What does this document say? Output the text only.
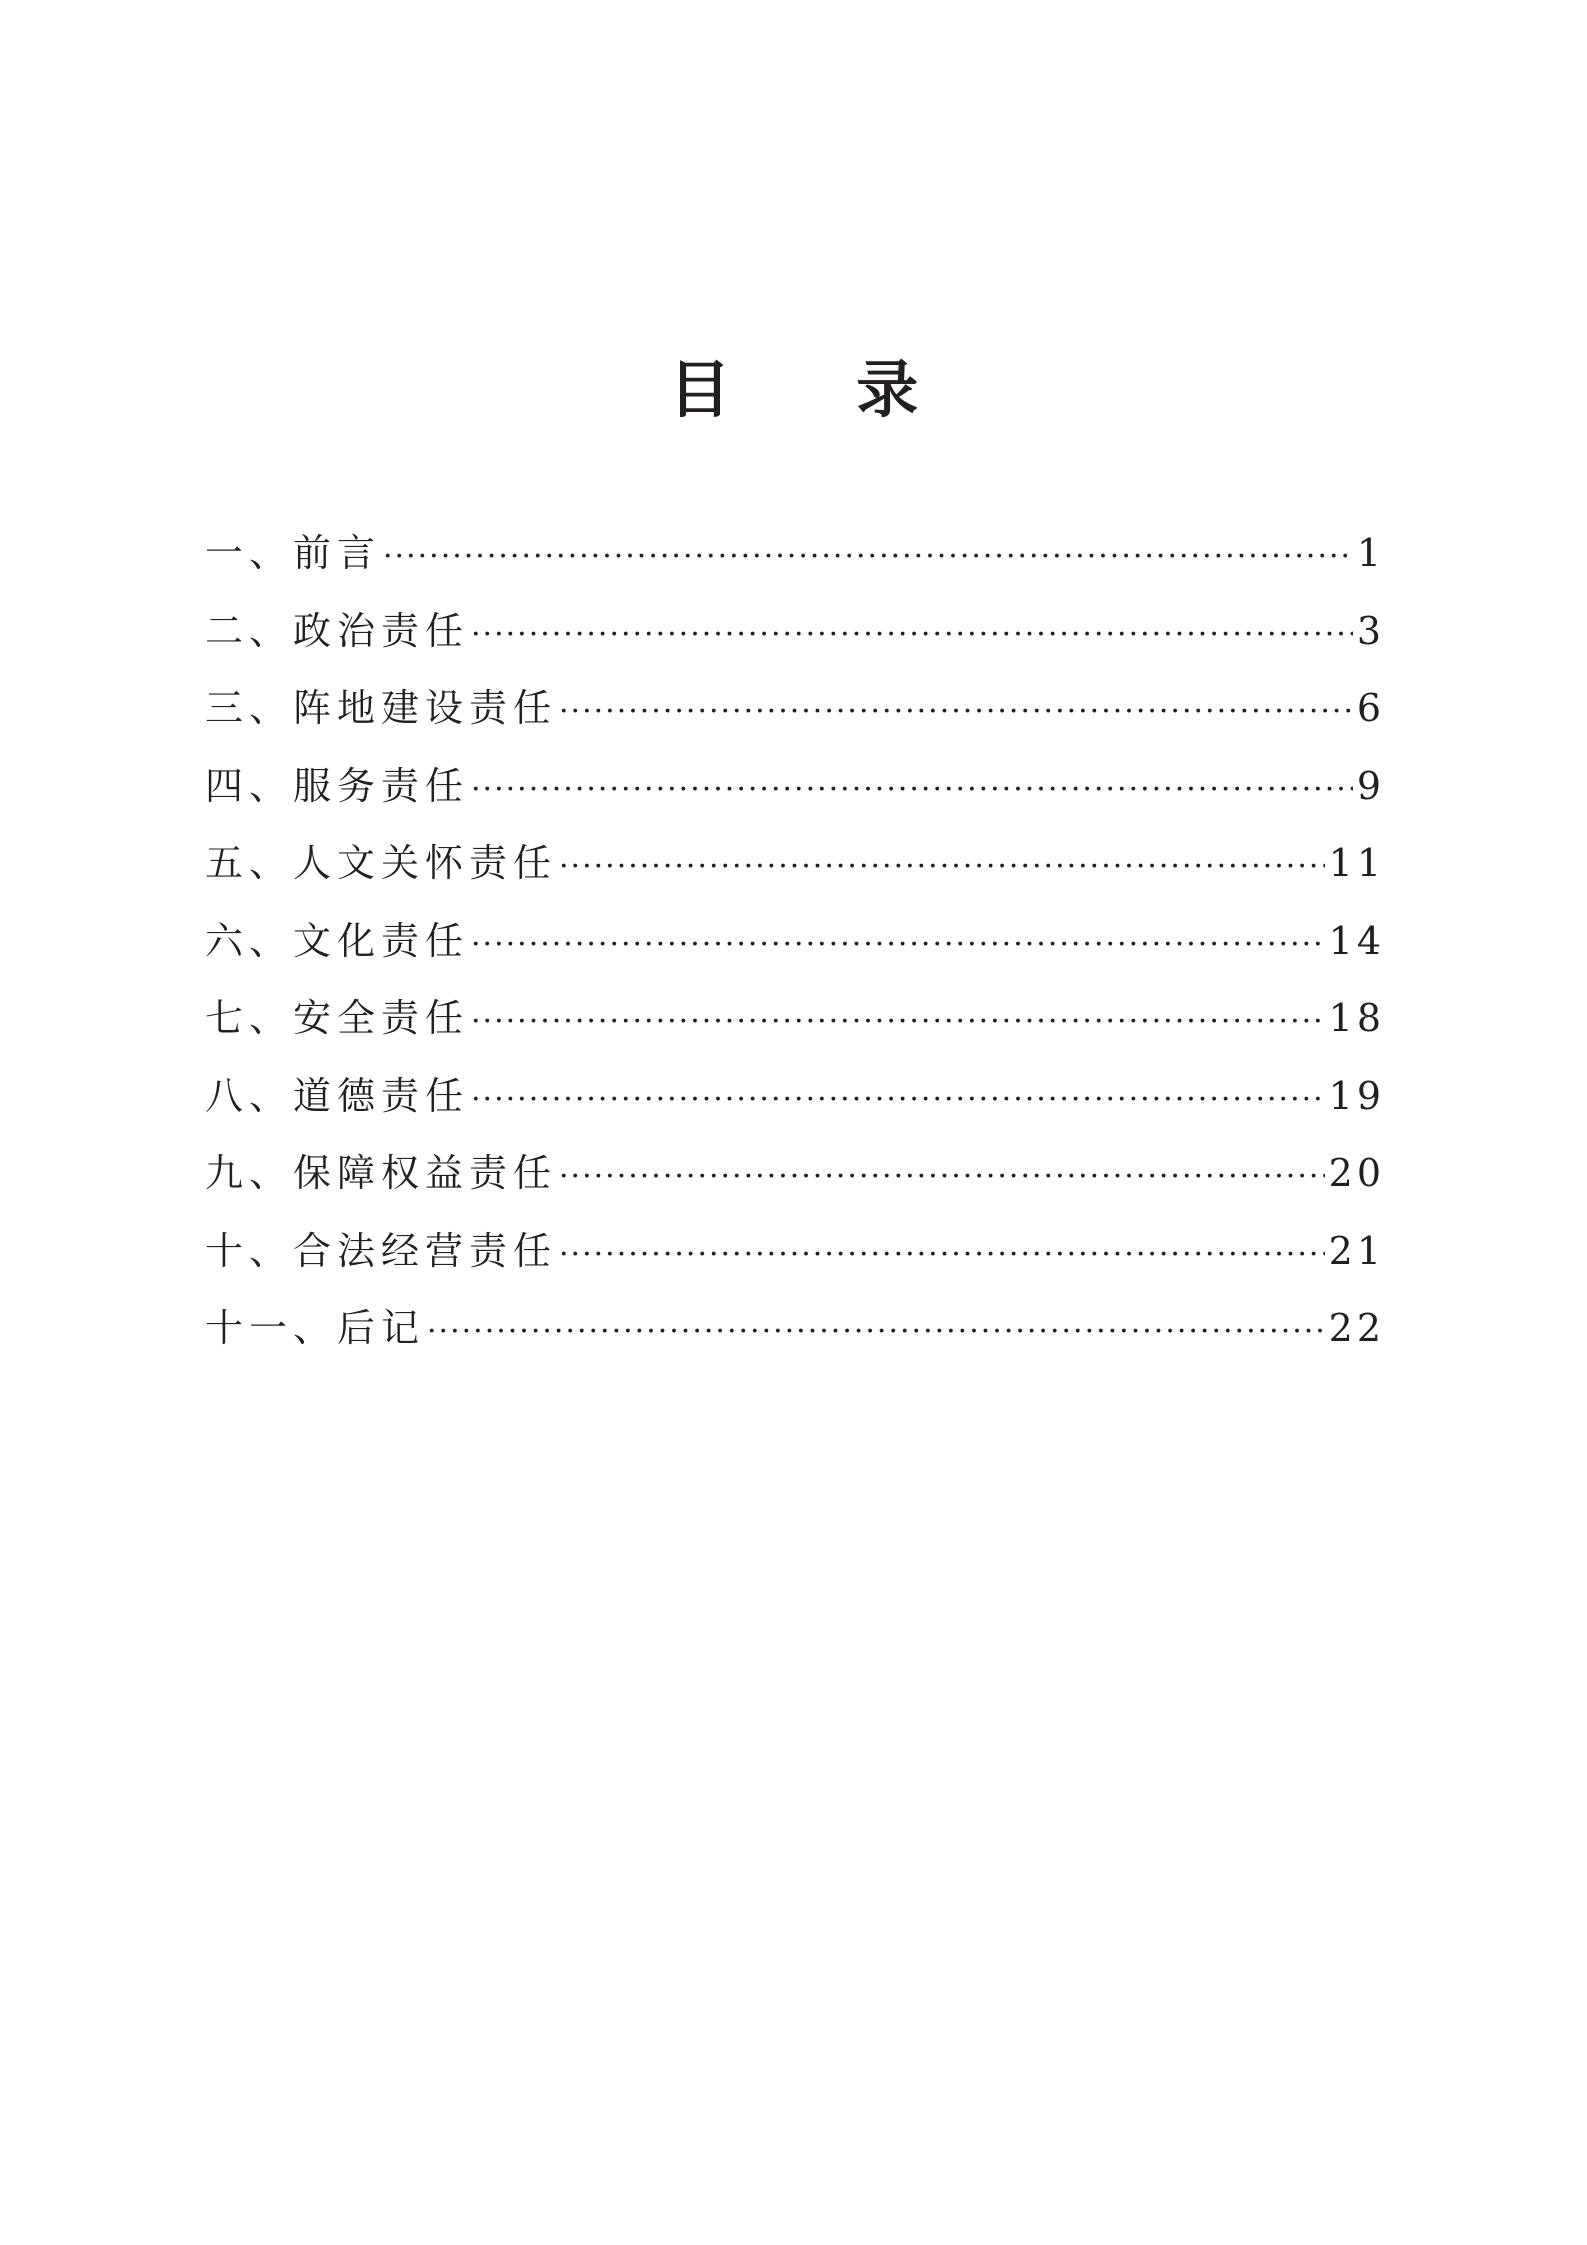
目 录
一、前言 ·····	1
二、政治责任 ·····	3
三、阵地建设责任 ·····	6
四、服务责任 ·····	9
五、人文关怀责任 ·····	11
六、文化责任 ·····	14
七、安全责任 ·····	18
八、道德责任 ·····	19
九、保障权益责任 ·····	20
十、合法经营责任 ·····	21
十一、后记 ·····	22
